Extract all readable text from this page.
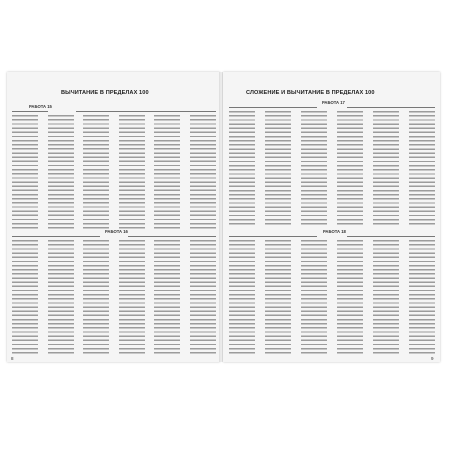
ВЫЧИТАНИЕ В ПРЕДЕЛАХ 100
РАБОТА 15
РАБОТА 16
8
СЛОЖЕНИЕ И ВЫЧИТАНИЕ В ПРЕДЕЛАХ 100
РАБОТА 17
РАБОТА 18
9
